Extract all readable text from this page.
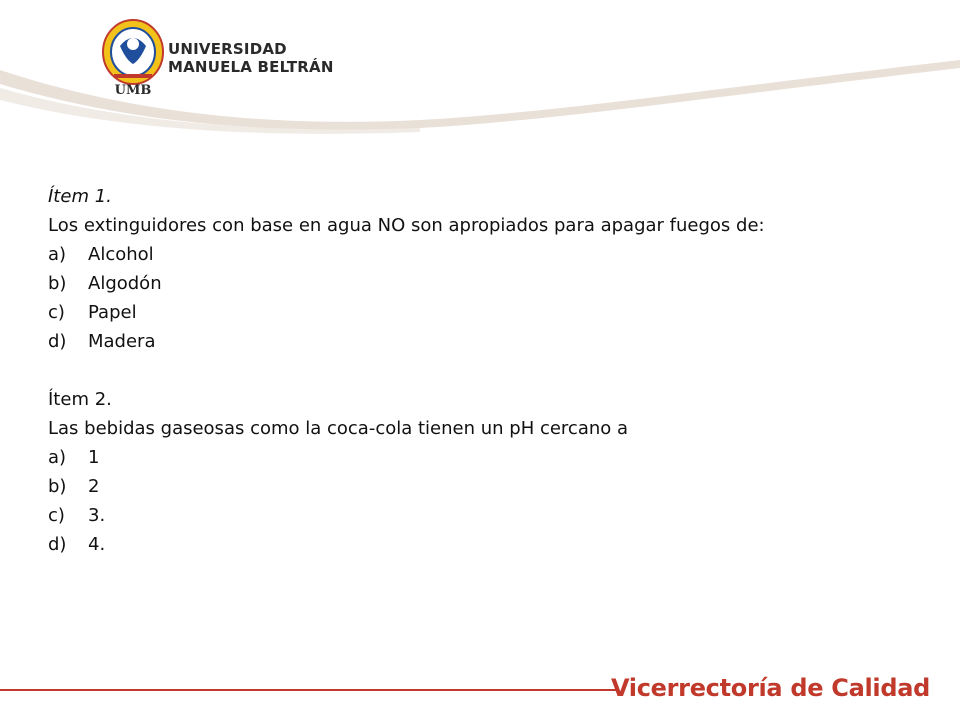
UMB
UNIVERSIDAD
MANUELA BELTRÁN
Ítem 1.
Los extinguidores con base en agua NO son apropiados para apagar fuegos de:
a)	Alcohol
b)	Algodón
c)	Papel
d)	Madera
Ítem 2.
Las bebidas gaseosas como la coca-cola tienen un pH cercano a
a)	1
b)	2
c)	3.
d)	4.
Vicerrectoría de Calidad
